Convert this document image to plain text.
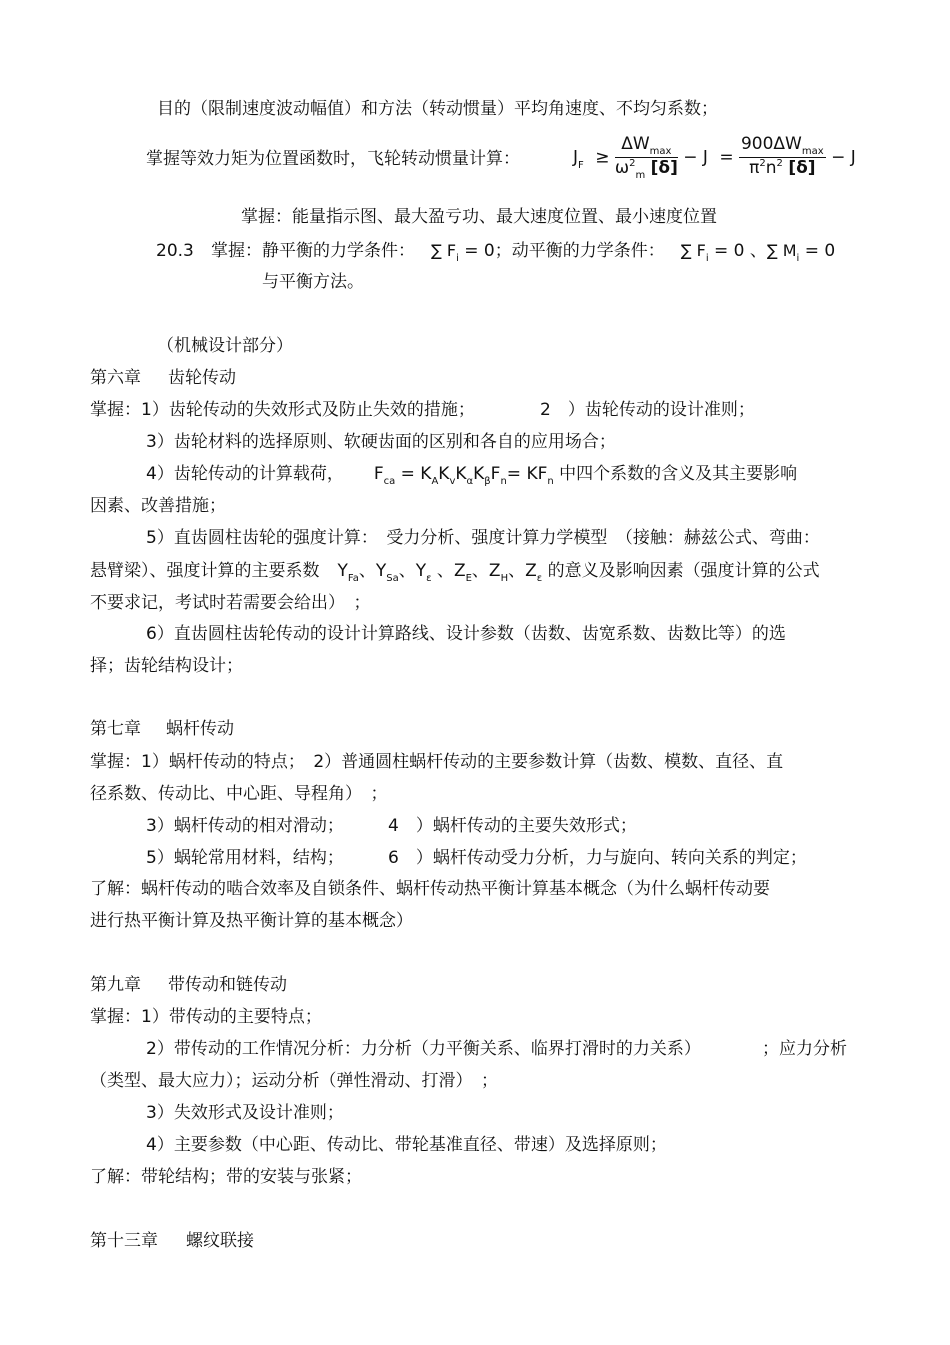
目的（限制速度波动幅值）和方法（转动惯量）平均角速度、不均匀系数；
掌握等效力矩为位置函数时，飞轮转动惯量计算：	$J_F \ge \frac{\Delta W_{max}}{\omega^2_m [\delta]} - J = \frac{900\Delta W_{max}}{\pi^2n^2 [\delta]} - J$
掌握：能量指示图、最大盈亏功、最大速度位置、最小速度位置
20.3 掌握：静平衡的力学条件： ∑ $F_i = 0$；动平衡的力学条件： ∑ $F_i = 0$ 、∑ $M_i = 0$
与平衡方法。
（机械设计部分）
第六章 齿轮传动
掌握：1）齿轮传动的失效形式及防止失效的措施；	2　）齿轮传动的设计准则；
3）齿轮材料的选择原则、软硬齿面的区别和各自的应用场合；
4）齿轮传动的计算载荷， $F_{ca} = K_AK_vK_\alpha K_\beta F_n= KF_n$ 中四个系数的含义及其主要影响
因素、改善措施；
5）直齿圆柱齿轮的强度计算：　受力分析、强度计算力学模型　（接触：赫兹公式、弯曲：
悬臂梁）、强度计算的主要系数 $Y_{Fa}$、$Y_{Sa}$、$Y_\varepsilon$ 、$Z_E$、$Z_H$、$Z_\varepsilon$ 的意义及影响因素（强度计算的公式
不要求记，考试时若需要会给出）　；
6）直齿圆柱齿轮传动的设计计算路线、设计参数（齿数、齿宽系数、齿数比等）的选
择；齿轮结构设计；
第七章 蜗杆传动
掌握：1）蜗杆传动的特点；　2）普通圆柱蜗杆传动的主要参数计算（齿数、模数、直径、直
径系数、传动比、中心距、导程角）　；
3）蜗杆传动的相对滑动；	4　）蜗杆传动的主要失效形式；
5）蜗轮常用材料，结构；	6　）蜗杆传动受力分析，力与旋向、转向关系的判定；
了解：蜗杆传动的啮合效率及自锁条件、蜗杆传动热平衡计算基本概念（为什么蜗杆传动要
进行热平衡计算及热平衡计算的基本概念）
第九章 带传动和链传动
掌握：1）带传动的主要特点；
2）带传动的工作情况分析：力分析（力平衡关系、临界打滑时的力关系）	；应力分析
（类型、最大应力）；运动分析（弹性滑动、打滑）　；
3）失效形式及设计准则；
4）主要参数（中心距、传动比、带轮基准直径、带速）及选择原则；
了解：带轮结构；带的安装与张紧；
第十三章 螺纹联接
